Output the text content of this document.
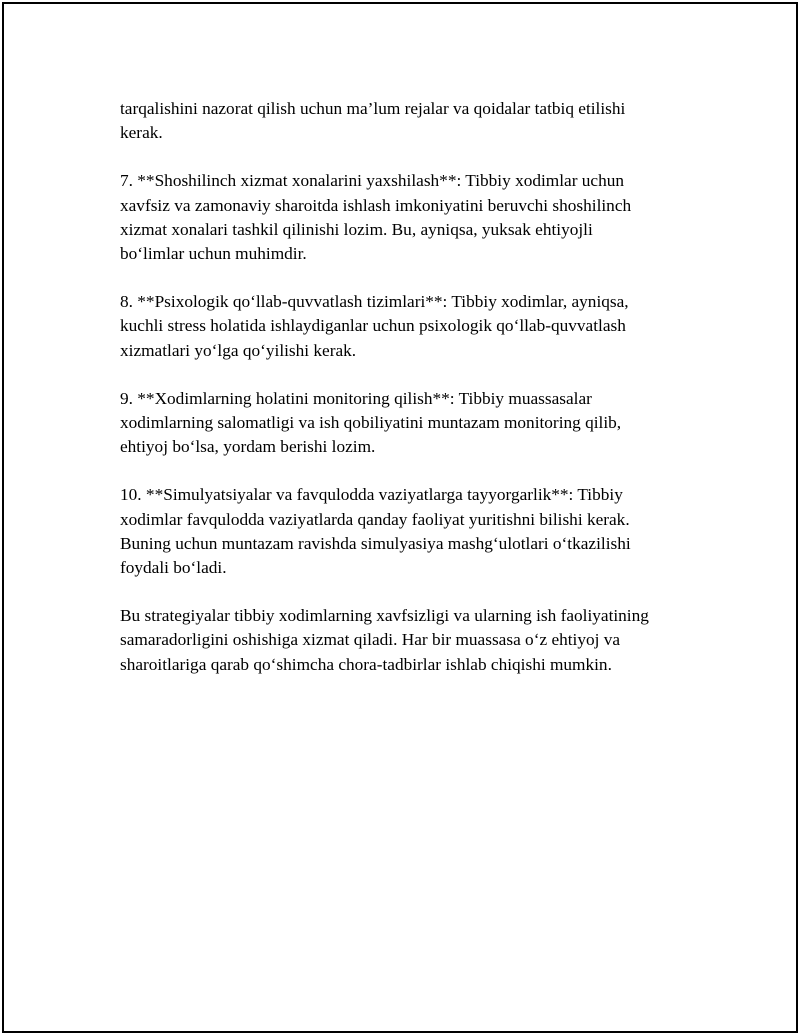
tarqalishini nazorat qilish uchun ma’lum rejalar va qoidalar tatbiq etilishi
kerak.

7. **Shoshilinch xizmat xonalarini yaxshilash**: Tibbiy xodimlar uchun
xavfsiz va zamonaviy sharoitda ishlash imkoniyatini beruvchi shoshilinch
xizmat xonalari tashkil qilinishi lozim. Bu, ayniqsa, yuksak ehtiyojli
bo‘limlar uchun muhimdir.

8. **Psixologik qo‘llab-quvvatlash tizimlari**: Tibbiy xodimlar, ayniqsa,
kuchli stress holatida ishlaydiganlar uchun psixologik qo‘llab-quvvatlash
xizmatlari yo‘lga qo‘yilishi kerak.

9. **Xodimlarning holatini monitoring qilish**: Tibbiy muassasalar
xodimlarning salomatligi va ish qobiliyatini muntazam monitoring qilib,
ehtiyoj bo‘lsa, yordam berishi lozim.

10. **Simulyatsiyalar va favqulodda vaziyatlarga tayyorgarlik**: Tibbiy
xodimlar favqulodda vaziyatlarda qanday faoliyat yuritishni bilishi kerak.
Buning uchun muntazam ravishda simulyasiya mashg‘ulotlari o‘tkazilishi
foydali bo‘ladi.

Bu strategiyalar tibbiy xodimlarning xavfsizligi va ularning ish faoliyatining
samaradorligini oshishiga xizmat qiladi. Har bir muassasa o‘z ehtiyoj va
sharoitlariga qarab qo‘shimcha chora-tadbirlar ishlab chiqishi mumkin.
